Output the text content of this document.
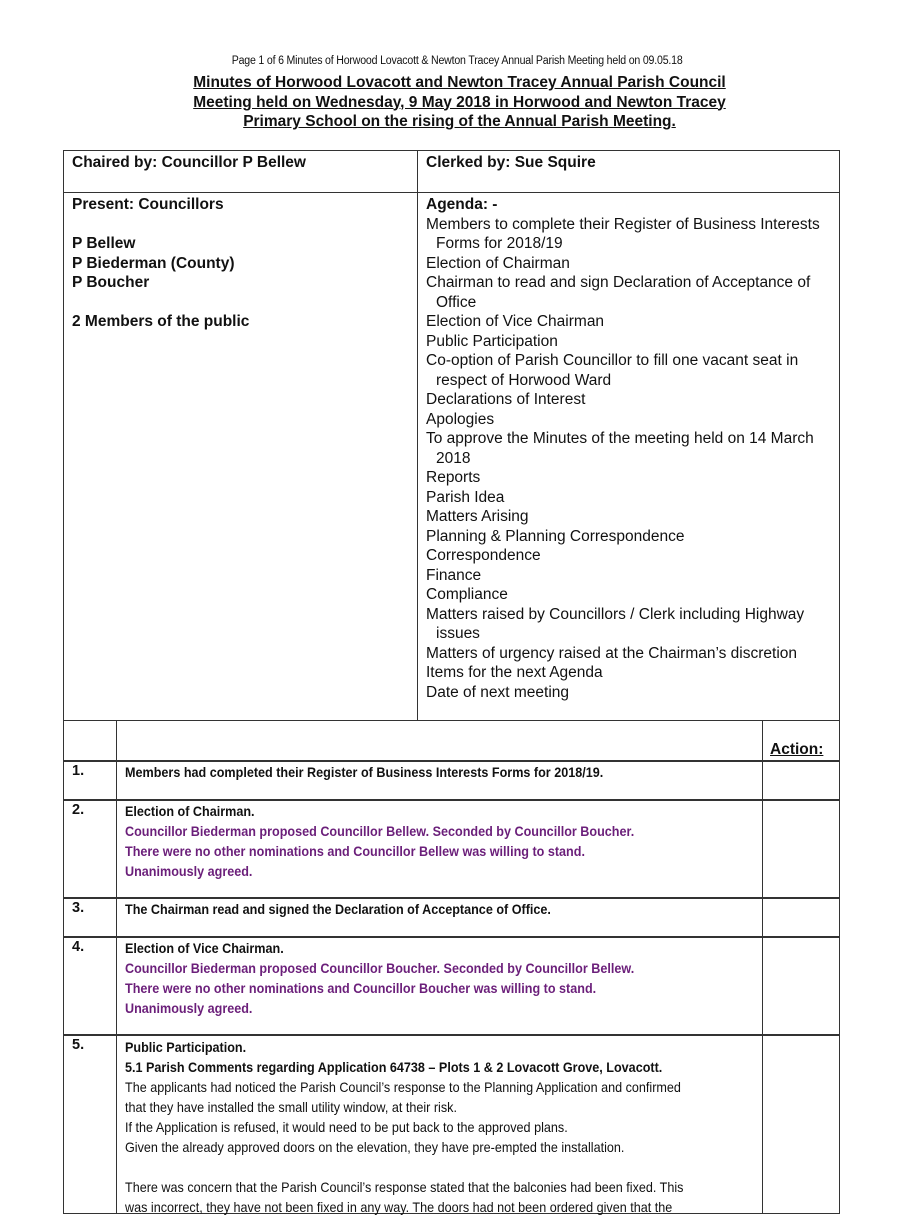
Page 1 of 6 Minutes of Horwood Lovacott & Newton Tracey Annual Parish Meeting held on 09.05.18
Minutes of Horwood Lovacott and Newton Tracey Annual Parish Council
Meeting held on Wednesday, 9 May 2018 in Horwood and Newton Tracey
Primary School on the rising of the Annual Parish Meeting.
Chaired by: Councillor P Bellew	Clerked by: Sue Squire
Present: Councillors
P Bellew
P Biederman (County)
P Boucher
2 Members of the public
Agenda: -
Members to complete their Register of Business Interests Forms for 2018/19
Election of Chairman
Chairman to read and sign Declaration of Acceptance of Office
Election of Vice Chairman
Public Participation
Co-option of Parish Councillor to fill one vacant seat in respect of Horwood Ward
Declarations of Interest
Apologies
To approve the Minutes of the meeting held on 14 March 2018
Reports
Parish Idea
Matters Arising
Planning & Planning Correspondence
Correspondence
Finance
Compliance
Matters raised by Councillors / Clerk including Highway issues
Matters of urgency raised at the Chairman’s discretion
Items for the next Agenda
Date of next meeting
Action:
1.	Members had completed their Register of Business Interests Forms for 2018/19.
2.	Election of Chairman.
Councillor Biederman proposed Councillor Bellew. Seconded by Councillor Boucher.
There were no other nominations and Councillor Bellew was willing to stand.
Unanimously agreed.
3.	The Chairman read and signed the Declaration of Acceptance of Office.
4.	Election of Vice Chairman.
Councillor Biederman proposed Councillor Boucher. Seconded by Councillor Bellew.
There were no other nominations and Councillor Boucher was willing to stand.
Unanimously agreed.
5.	Public Participation.
5.1 Parish Comments regarding Application 64738 – Plots 1 & 2 Lovacott Grove, Lovacott.
The applicants had noticed the Parish Council’s response to the Planning Application and confirmed
that they have installed the small utility window, at their risk.
If the Application is refused, it would need to be put back to the approved plans.
Given the already approved doors on the elevation, they have pre-empted the installation.
There was concern that the Parish Council’s response stated that the balconies had been fixed. This
was incorrect, they have not been fixed in any way. The doors had not been ordered given that the
